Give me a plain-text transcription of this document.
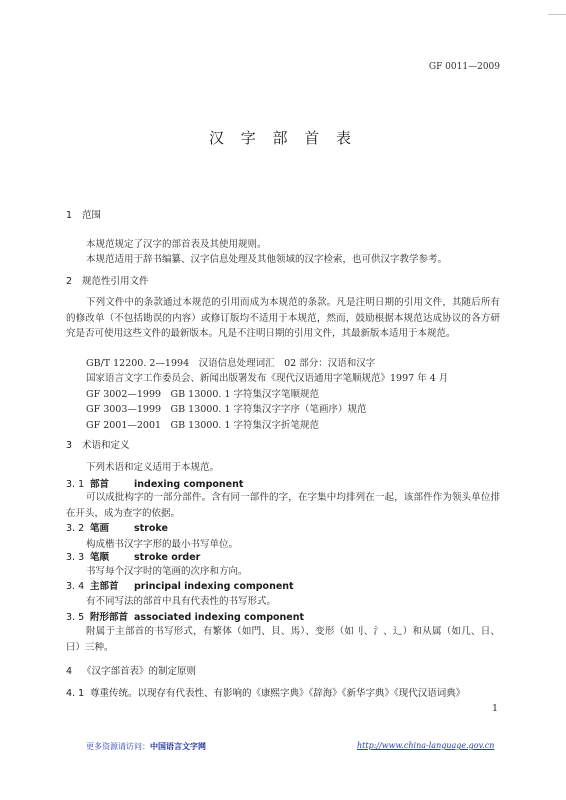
GF 0011—2009
汉 字 部 首 表
1 范围
本规范规定了汉字的部首表及其使用规则。
本规范适用于辞书编纂、汉字信息处理及其他领域的汉字检索，也可供汉字教学参考。
2 规范性引用文件
下列文件中的条款通过本规范的引用而成为本规范的条款。凡是注明日期的引用文件，其随后所有的修改单（不包括勘误的内容）或修订版均不适用于本规范，然而，鼓励根据本规范达成协议的各方研究是否可使用这些文件的最新版本。凡是不注明日期的引用文件，其最新版本适用于本规范。
GB/T 12200. 2—1994　汉语信息处理词汇　02 部分：汉语和汉字
国家语言文字工作委员会、新闻出版署发布《现代汉语通用字笔顺规范》1997 年 4 月
GF 3002—1999　GB 13000. 1 字符集汉字笔顺规范
GF 3003—1999　GB 13000. 1 字符集汉字字序（笔画序）规范
GF 2001—2001　GB 13000. 1 字符集汉字折笔规范
3 术语和定义
下列术语和定义适用于本规范。
3. 1 部首	indexing component
可以成批构字的一部分部件。含有同一部件的字，在字集中均排列在一起，该部件作为领头单位排在开头，成为查字的依据。
3. 2 笔画	stroke
构成楷书汉字字形的最小书写单位。
3. 3 笔顺	stroke order
书写每个汉字时的笔画的次序和方向。
3. 4 主部首 principal indexing component
有不同写法的部首中具有代表性的书写形式。
3. 5 附形部首 associated indexing component
附属于主部首的书写形式，有繁体（如門、貝、馬）、变形（如刂、氵、辶）和从属（如几、日、曰）三种。
4 《汉字部首表》的制定原则
4. 1 尊重传统。以现存有代表性、有影响的《康熙字典》《辞海》《新华字典》《现代汉语词典》
1
更多资源请访问：中国语言文字网	http://www.china-language.gov.cn
